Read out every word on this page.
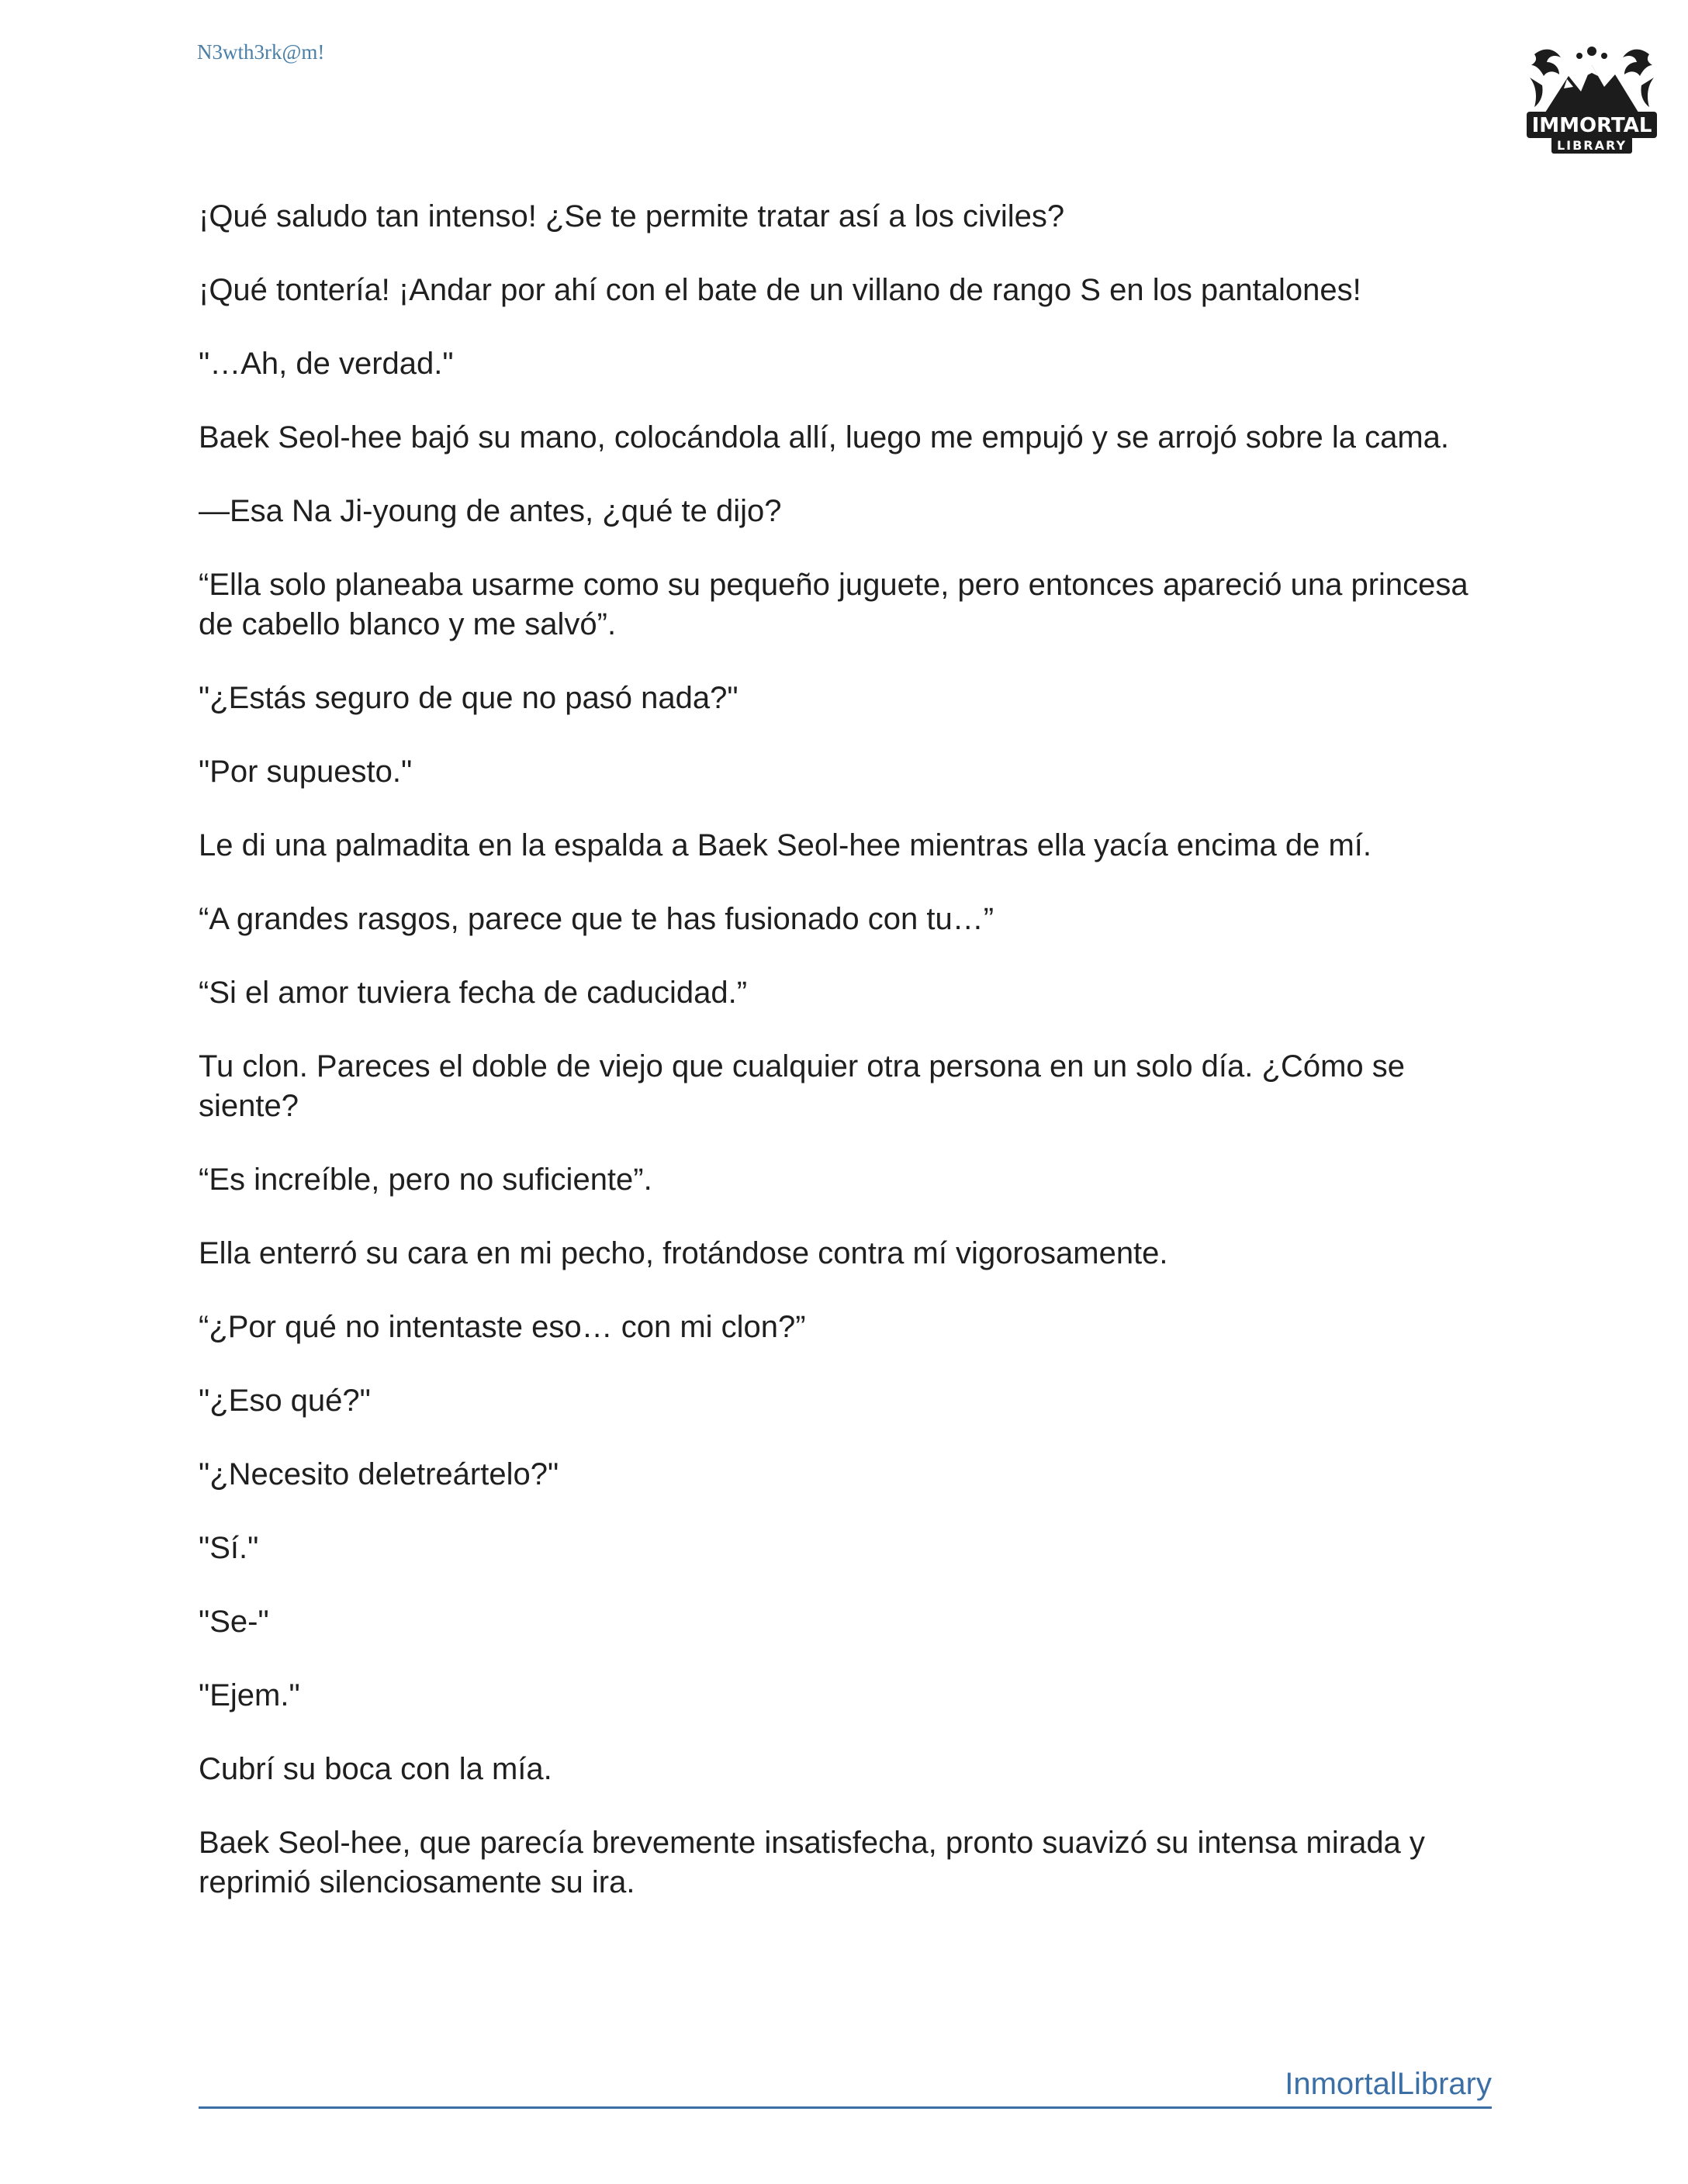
N3wth3rk@m!
IMMORTAL
LIBRARY

¡Qué saludo tan intenso! ¿Se te permite tratar así a los civiles?

¡Qué tontería! ¡Andar por ahí con el bate de un villano de rango S en los pantalones!

"…Ah, de verdad."

Baek Seol-hee bajó su mano, colocándola allí, luego me empujó y se arrojó sobre la cama.

—Esa Na Ji-young de antes, ¿qué te dijo?

“Ella solo planeaba usarme como su pequeño juguete, pero entonces apareció una princesa de cabello blanco y me salvó”.

"¿Estás seguro de que no pasó nada?"

"Por supuesto."

Le di una palmadita en la espalda a Baek Seol-hee mientras ella yacía encima de mí.

“A grandes rasgos, parece que te has fusionado con tu…”

“Si el amor tuviera fecha de caducidad.”

Tu clon. Pareces el doble de viejo que cualquier otra persona en un solo día. ¿Cómo se siente?

“Es increíble, pero no suficiente”.

Ella enterró su cara en mi pecho, frotándose contra mí vigorosamente.

“¿Por qué no intentaste eso… con mi clon?”

"¿Eso qué?"

"¿Necesito deletreártelo?"

"Sí."

"Se-"

"Ejem."

Cubrí su boca con la mía.

Baek Seol-hee, que parecía brevemente insatisfecha, pronto suavizó su intensa mirada y reprimió silenciosamente su ira.

InmortalLibrary
